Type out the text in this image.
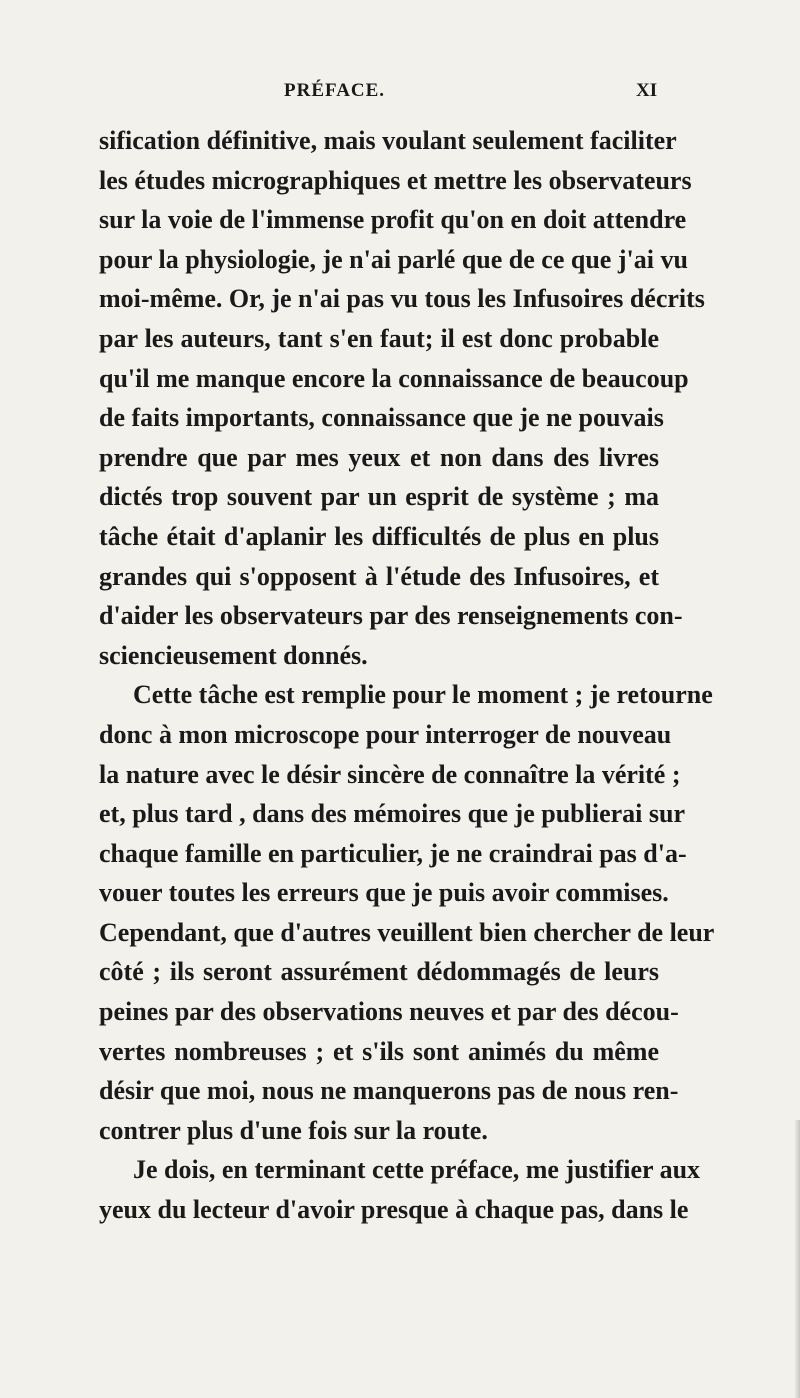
PRÉFACE.	XI
sification définitive, mais voulant seulement faciliter
les études micrographiques et mettre les observateurs
sur la voie de l'immense profit qu'on en doit attendre
pour la physiologie, je n'ai parlé que de ce que j'ai vu
moi-même. Or, je n'ai pas vu tous les Infusoires décrits
par les auteurs, tant s'en faut; il est donc probable
qu'il me manque encore la connaissance de beaucoup
de faits importants, connaissance que je ne pouvais
prendre que par mes yeux et non dans des livres
dictés trop souvent par un esprit de système ; ma
tâche était d'aplanir les difficultés de plus en plus
grandes qui s'opposent à l'étude des Infusoires, et
d'aider les observateurs par des renseignements con-
sciencieusement donnés.
Cette tâche est remplie pour le moment ; je retourne
donc à mon microscope pour interroger de nouveau
la nature avec le désir sincère de connaître la vérité ;
et, plus tard , dans des mémoires que je publierai sur
chaque famille en particulier, je ne craindrai pas d'a-
vouer toutes les erreurs que je puis avoir commises.
Cependant, que d'autres veuillent bien chercher de leur
côté ; ils seront assurément dédommagés de leurs
peines par des observations neuves et par des décou-
vertes nombreuses ; et s'ils sont animés du même
désir que moi, nous ne manquerons pas de nous ren-
contrer plus d'une fois sur la route.
Je dois, en terminant cette préface, me justifier aux
yeux du lecteur d'avoir presque à chaque pas, dans le
